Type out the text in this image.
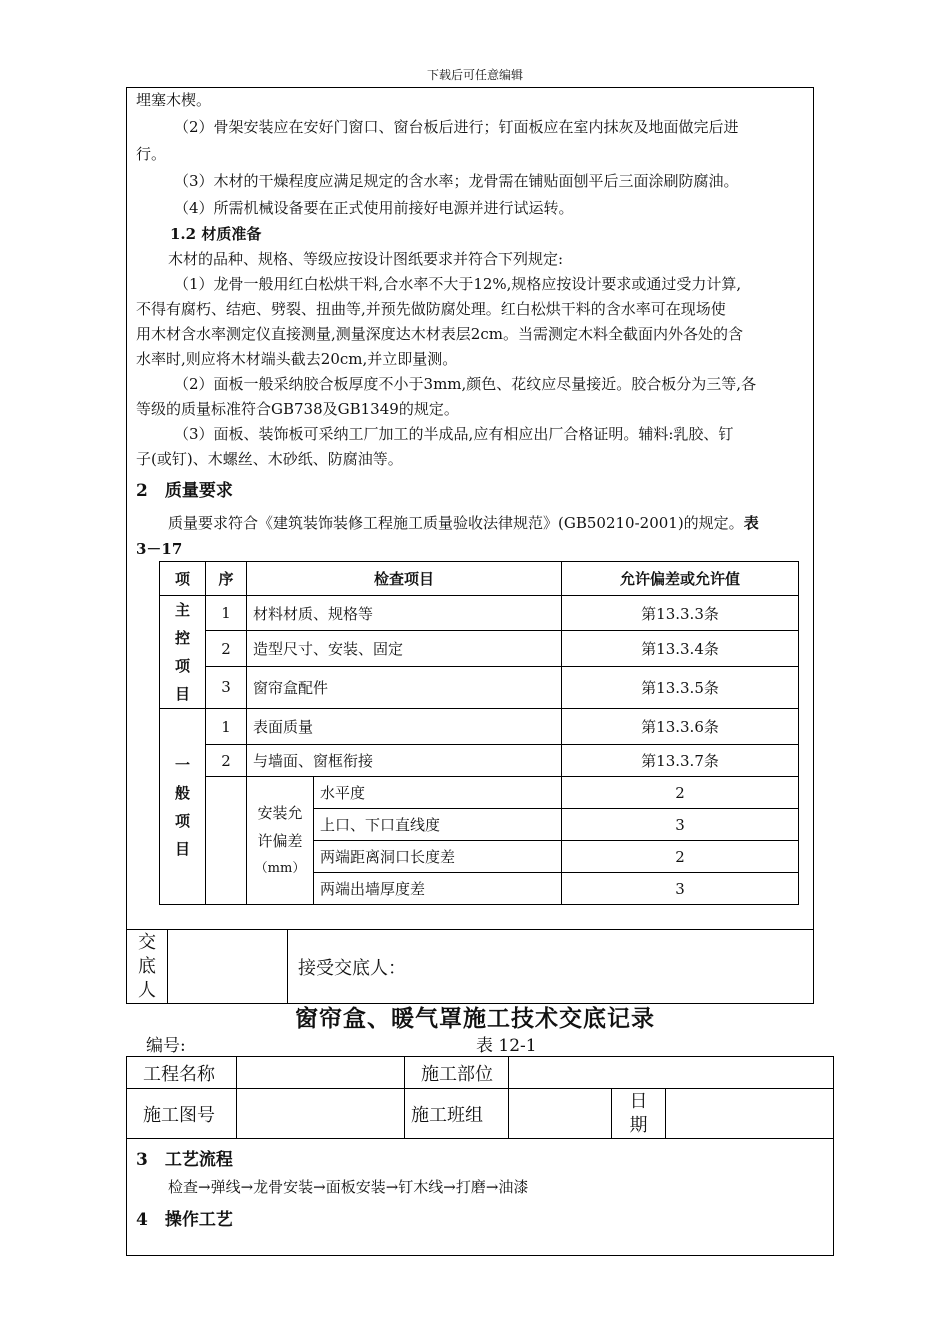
下载后可任意编辑
埋塞木楔。
（2）骨架安装应在安好门窗口、窗台板后进行；钉面板应在室内抹灰及地面做完后进
行。
（3）木材的干燥程度应满足规定的含水率；龙骨需在铺贴面刨平后三面涂刷防腐油。
（4）所需机械设备要在正式使用前接好电源并进行试运转。
1.2 材质准备
木材的品种、规格、等级应按设计图纸要求并符合下列规定:
（1）龙骨一般用红白松烘干料,合水率不大于12%,规格应按设计要求或通过受力计算,
不得有腐朽、结疤、劈裂、扭曲等,并预先做防腐处理。红白松烘干料的含水率可在现场使
用木材含水率测定仪直接测量,测量深度达木材表层2cm。当需测定木料全截面内外各处的含
水率时,则应将木材端头截去20cm,并立即量测。
（2）面板一般采纳胶合板厚度不小于3mm,颜色、花纹应尽量接近。胶合板分为三等,各
等级的质量标准符合GB738及GB1349的规定。
（3）面板、装饰板可采纳工厂加工的半成品,应有相应出厂合格证明。辅料:乳胶、钉
子(或钉)、木螺丝、木砂纸、防腐油等。
2　质量要求
质量要求符合《建筑装饰装修工程施工质量验收法律规范》(GB50210-2001)的规定。表
3－17
项	序	检查项目		允许偏差或允许值

主
控
项
目	1	材料材质、规格等		第13.3.3条
	2	造型尺寸、安装、固定		第13.3.4条
	3	窗帘盒配件		第13.3.5条

一
般
项
目	1	表面质量		第13.3.6条
	2	与墙面、窗框衔接		第13.3.7条

		安装允
许偏差
（mm）	水平度	2
			上口、下口直线度	3
			两端距离洞口长度差	2
			两端出墙厚度差	3
交
底
人
		接受交底人：
窗帘盒、暖气罩施工技术交底记录
编号:	表 12-1
工程名称		施工部位			
施工图号		施工班组		日
期	

3　工艺流程
检查→弹线→龙骨安装→面板安装→钉木线→打磨→油漆
4　操作工艺
